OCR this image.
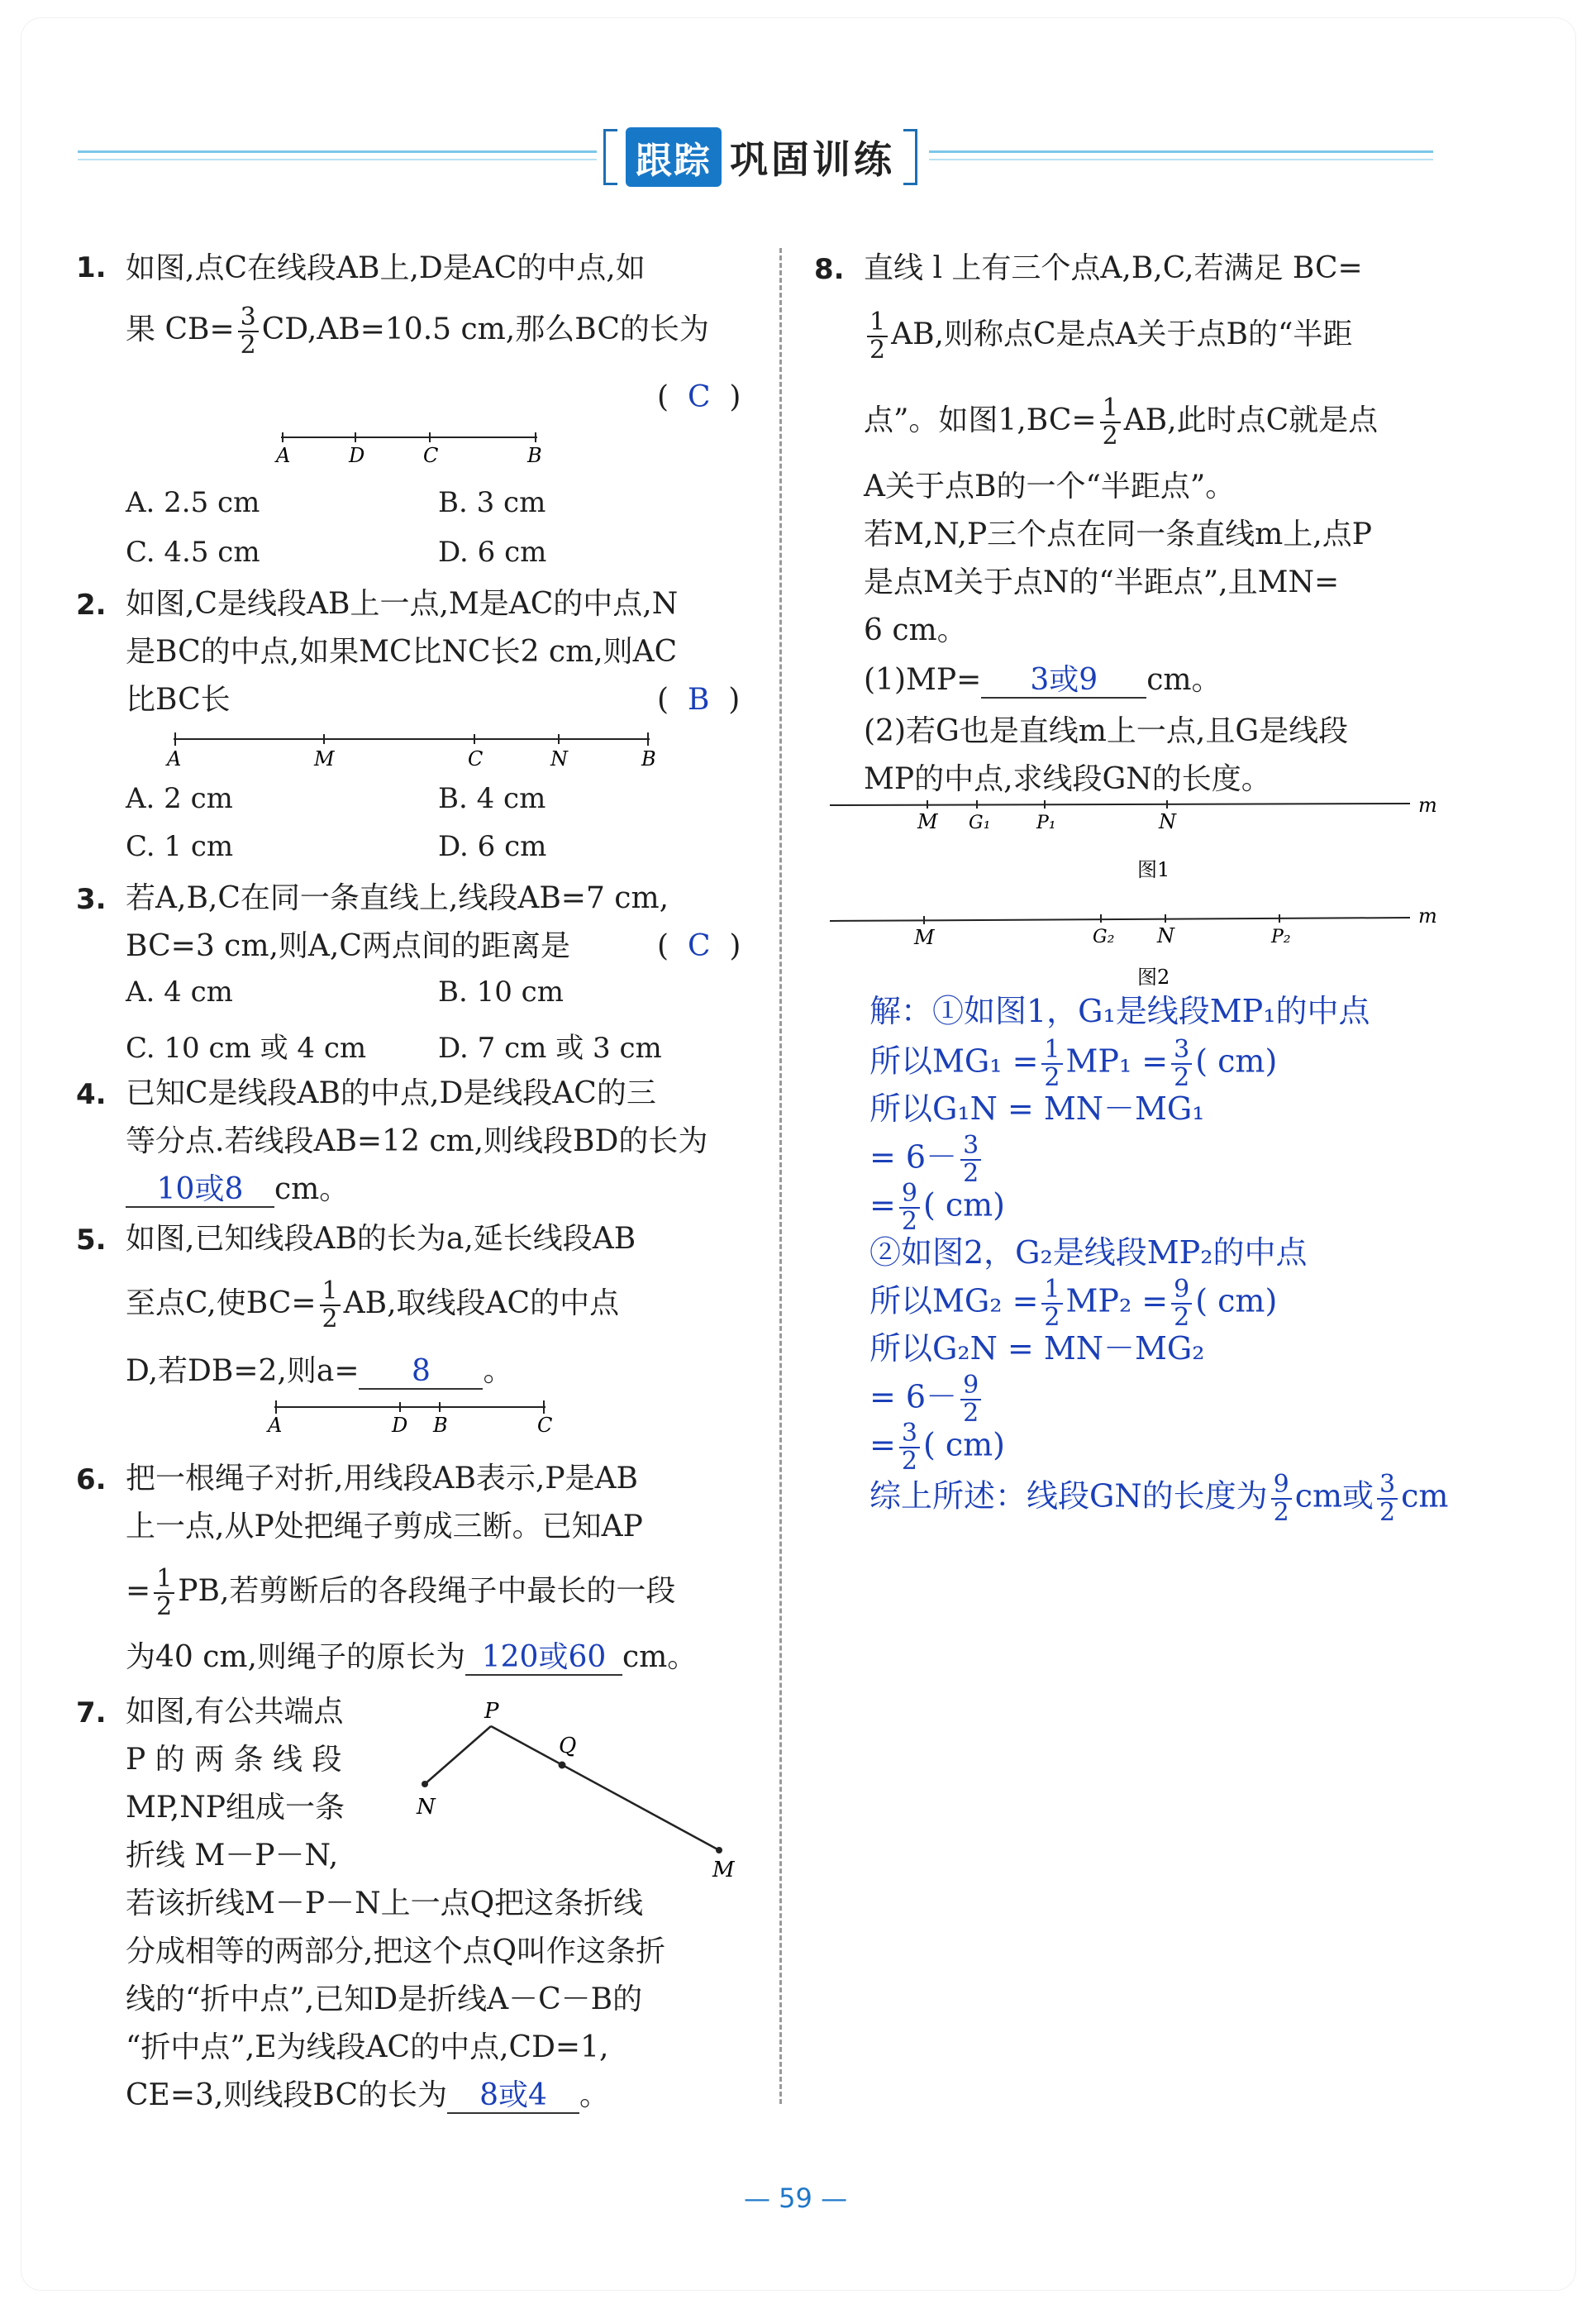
跟踪 巩固训练
1. 如图,点C在线段AB上,D是AC的中点,如
果 $CB= \frac{3}{2} CD,AB=10.5$ cm,那么BC的长为
(  C  )
A	D	C	B
A. 2.5 cm	B. 3 cm
C. 4.5 cm	D. 6 cm
2. 如图,C是线段AB上一点,M是AC的中点,N
是BC的中点,如果MC比NC长2 cm,则AC
比BC长	(  B  )
A	M	C	N	B
A. 2 cm	B. 4 cm
C. 1 cm	D. 6 cm
3. 若A,B,C在同一条直线上,线段AB=7 cm,
BC=3 cm,则A,C两点间的距离是	(  C  )
A. 4 cm	B. 10 cm
C. 10 cm 或 4 cm	D. 7 cm 或 3 cm
4. 已知C是线段AB的中点,D是线段AC的三
等分点.若线段AB=12 cm,则线段BD的长为
10或8 cm。
5. 如图,已知线段AB的长为a,延长线段AB
至点C,使$BC= \frac{1}{2}$ AB,取线段AC的中点
D,若DB=2,则a= 8 。
A	D B	C
6. 把一根绳子对折,用线段AB表示,P是AB
上一点,从P处把绳子剪成三断。已知AP
= $\frac{1}{2}$ PB,若剪断后的各段绳子中最长的一段
为40 cm,则绳子的原长为 120或60 cm。
7. 如图,有公共端点
P 的 两 条 线 段
MP,NP组成一条
折线 M－P－N,
P
Q
N
M
若该折线M－P－N上一点Q把这条折线
分成相等的两部分,把这个点Q叫作这条折
线的“折中点”,已知D是折线A－C－B的
“折中点”,E为线段AC的中点,CD=1,
CE=3,则线段BC的长为 8或4 。
8. 直线 l 上有三个点A,B,C,若满足 BC=
$\frac{1}{2}$ AB,则称点C是点A关于点B的“半距
点”。如图$1,BC= \frac{1}{2}$ AB,此时点C就是点
A关于点B的一个“半距点”。
若M,N,P三个点在同一条直线m上,点P
是点M关于点N的“半距点”,且MN=
6 cm。
(1)MP= 3或9 cm。
(2)若G也是直线m上一点,且G是线段
MP的中点,求线段GN的长度。
M G₁	P₁	N
m
图1
M	G₂ N	P₂
m
图2
解：①如图1，G₁是线段MP₁的中点
所以$MG_1 = \frac{1}{2} MP_1 = \frac{3}{2}$ ( cm)
所以G₁N = MN－MG₁
= $6- \frac{3}{2}$
= $\frac{9}{2}$ ( cm)
②如图2，G₂是线段MP₂的中点
所以$MG_2 = \frac{1}{2} MP_2 = \frac{9}{2}$ ( cm)
所以G₂N = MN－MG₂
= $6- \frac{9}{2}$
= $\frac{3}{2}$ ( cm)
综上所述：线段GN的长度为 $\frac{9}{2}$ cm或 $\frac{3}{2}$ cm
— 59 —
